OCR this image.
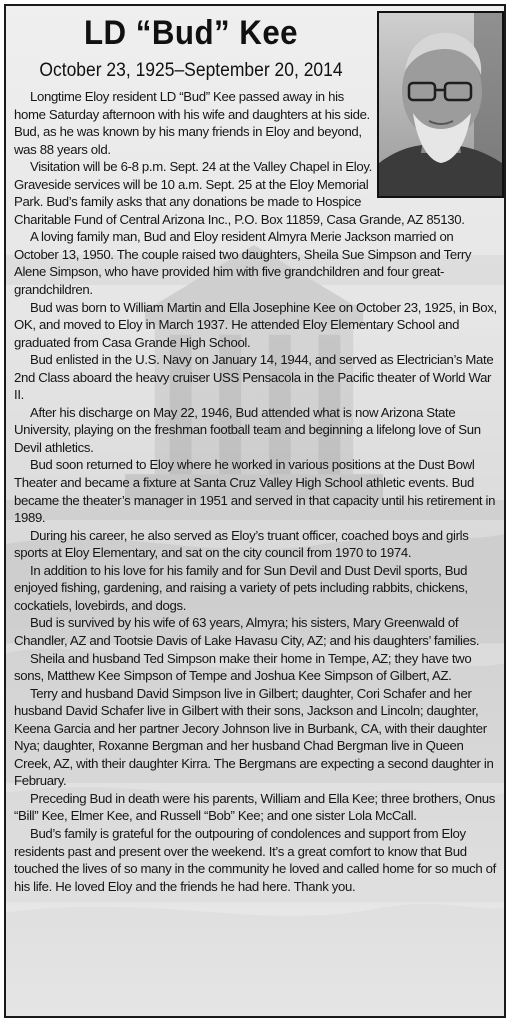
LD “Bud” Kee
October 23, 1925–September 20, 2014

Longtime Eloy resident LD “Bud” Kee passed away in his home Saturday afternoon with his wife and daughters at his side. Bud, as he was known by his many friends in Eloy and beyond, was 88 years old.

Visitation will be 6-8 p.m. Sept. 24 at the Valley Chapel in Eloy. Graveside services will be 10 a.m. Sept. 25 at the Eloy Memorial Park. Bud’s family asks that any donations be made to Hospice Charitable Fund of Central Arizona Inc., P.O. Box 11859, Casa Grande, AZ 85130.

A loving family man, Bud and Eloy resident Almyra Merie Jackson married on October 13, 1950. The couple raised two daughters, Sheila Sue Simpson and Terry Alene Simpson, who have provided him with five grandchildren and four great-grandchildren.

Bud was born to William Martin and Ella Josephine Kee on October 23, 1925, in Box, OK, and moved to Eloy in March 1937. He attended Eloy Elementary School and graduated from Casa Grande High School.

Bud enlisted in the U.S. Navy on January 14, 1944, and served as Electrician’s Mate 2nd Class aboard the heavy cruiser USS Pensacola in the Pacific theater of World War II.

After his discharge on May 22, 1946, Bud attended what is now Arizona State University, playing on the freshman football team and beginning a lifelong love of Sun Devil athletics.

Bud soon returned to Eloy where he worked in various positions at the Dust Bowl Theater and became a fixture at Santa Cruz Valley High School athletic events. Bud became the theater’s manager in 1951 and served in that capacity until his retirement in 1989.

During his career, he also served as Eloy’s truant officer, coached boys and girls sports at Eloy Elementary, and sat on the city council from 1970 to 1974.

In addition to his love for his family and for Sun Devil and Dust Devil sports, Bud enjoyed fishing, gardening, and raising a variety of pets including rabbits, chickens, cockatiels, lovebirds, and dogs.

Bud is survived by his wife of 63 years, Almyra; his sisters, Mary Greenwald of Chandler, AZ and Tootsie Davis of Lake Havasu City, AZ; and his daughters’ families.

Sheila and husband Ted Simpson make their home in Tempe, AZ; they have two sons, Matthew Kee Simpson of Tempe and Joshua Kee Simpson of Gilbert, AZ.

Terry and husband David Simpson live in Gilbert; daughter, Cori Schafer and her husband David Schafer live in Gilbert with their sons, Jackson and Lincoln; daughter, Keena Garcia and her partner Jecory Johnson live in Burbank, CA, with their daughter Nya; daughter, Roxanne Bergman and her husband Chad Bergman live in Queen Creek, AZ, with their daughter Kirra. The Bergmans are expecting a second daughter in February.

Preceding Bud in death were his parents, William and Ella Kee; three brothers, Onus “Bill” Kee, Elmer Kee, and Russell “Bob” Kee; and one sister Lola McCall.

Bud’s family is grateful for the outpouring of condolences and support from Eloy residents past and present over the weekend. It’s a great comfort to know that Bud touched the lives of so many in the community he loved and called home for so much of his life. He loved Eloy and the friends he had here. Thank you.
